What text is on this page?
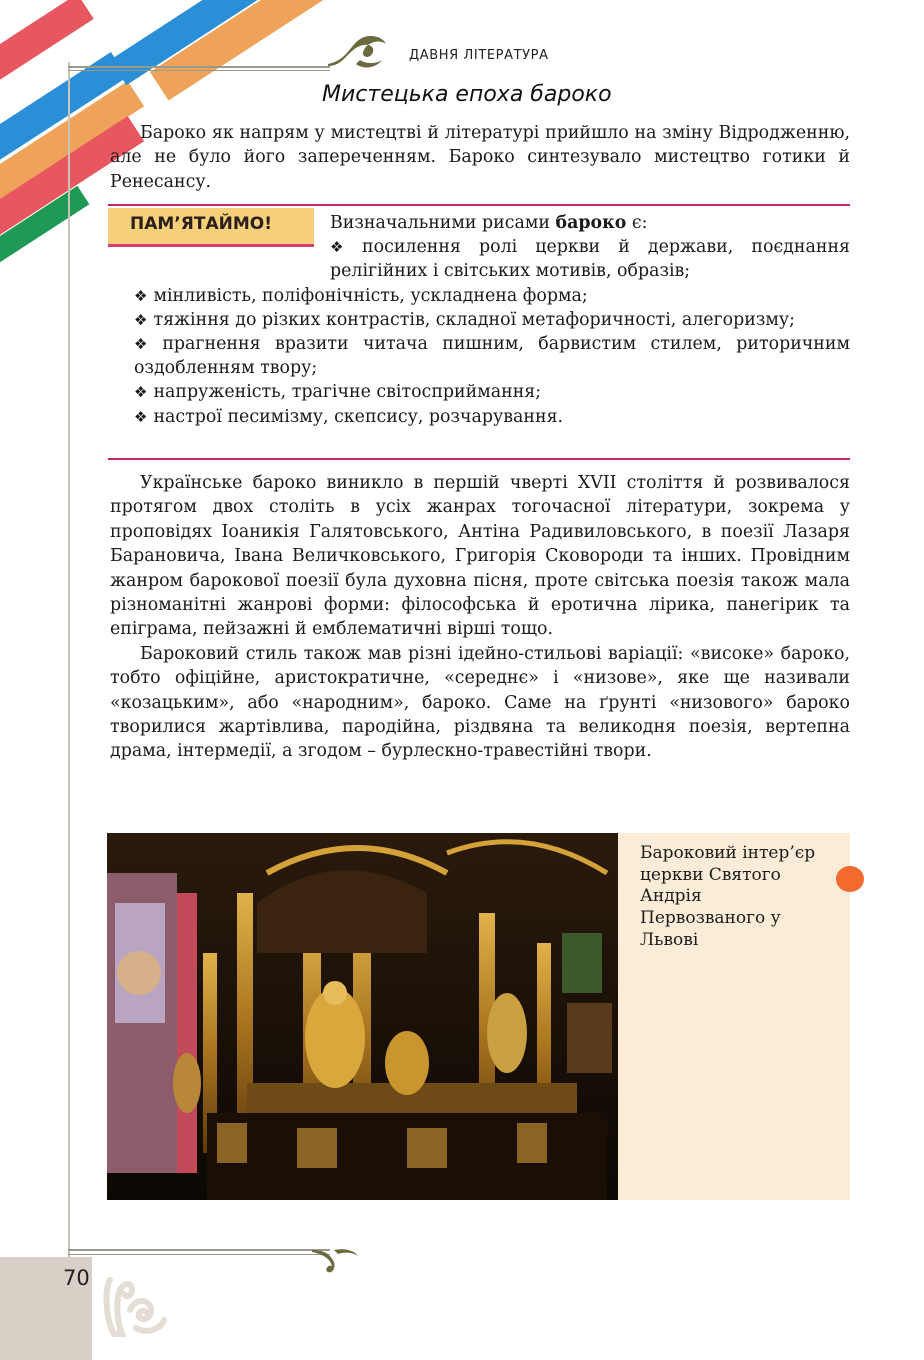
ДАВНЯ ЛІТЕРАТУРА
Мистецька епоха бароко

Бароко як напрям у мистецтві й літературі прийшло на зміну Відродженню, але не було його запереченням. Бароко синтезувало мистецтво готики й Ренесансу.

ПАМ’ЯТАЙМО!	Визначальними рисами бароко є:
❖ посилення ролі церкви й держави, поєднання релігійних і світських мотивів, образів;
❖ мінливість, поліфонічність, ускладнена форма;
❖ тяжіння до різких контрастів, складної метафоричності, алегоризму;
❖ прагнення вразити читача пишним, барвистим стилем, риторичним оздобленням твору;
❖ напруженість, трагічне світосприймання;
❖ настрої песимізму, скепсису, розчарування.

Українське бароко виникло в першій чверті XVII століття й розвивалося протягом двох століть в усіх жанрах тогочасної літератури, зокрема у проповідях Іоаникія Галятовського, Антіна Радивиловського, в поезії Лазаря Барановича, Івана Величковського, Григорія Сковороди та інших. Провідним жанром барокової поезії була духовна пісня, проте світська поезія також мала різноманітні жанрові форми: філософська й еротична лірика, панегірик та епіграма, пейзажні й емблематичні вірші тощо.

Бароковий стиль також мав різні ідейно-стильові варіації: «високе» бароко, тобто офіційне, аристократичне, «середнє» і «низове», яке ще називали «козацьким», або «народним», бароко. Саме на ґрунті «низового» бароко творилися жартівлива, пародійна, різдвяна та великодня поезія, вертепна драма, інтермедії, а згодом – бурлескно-травестійні твори.

Бароковий інтер’єр церкви Святого Андрія Первозваного у Львові
70
